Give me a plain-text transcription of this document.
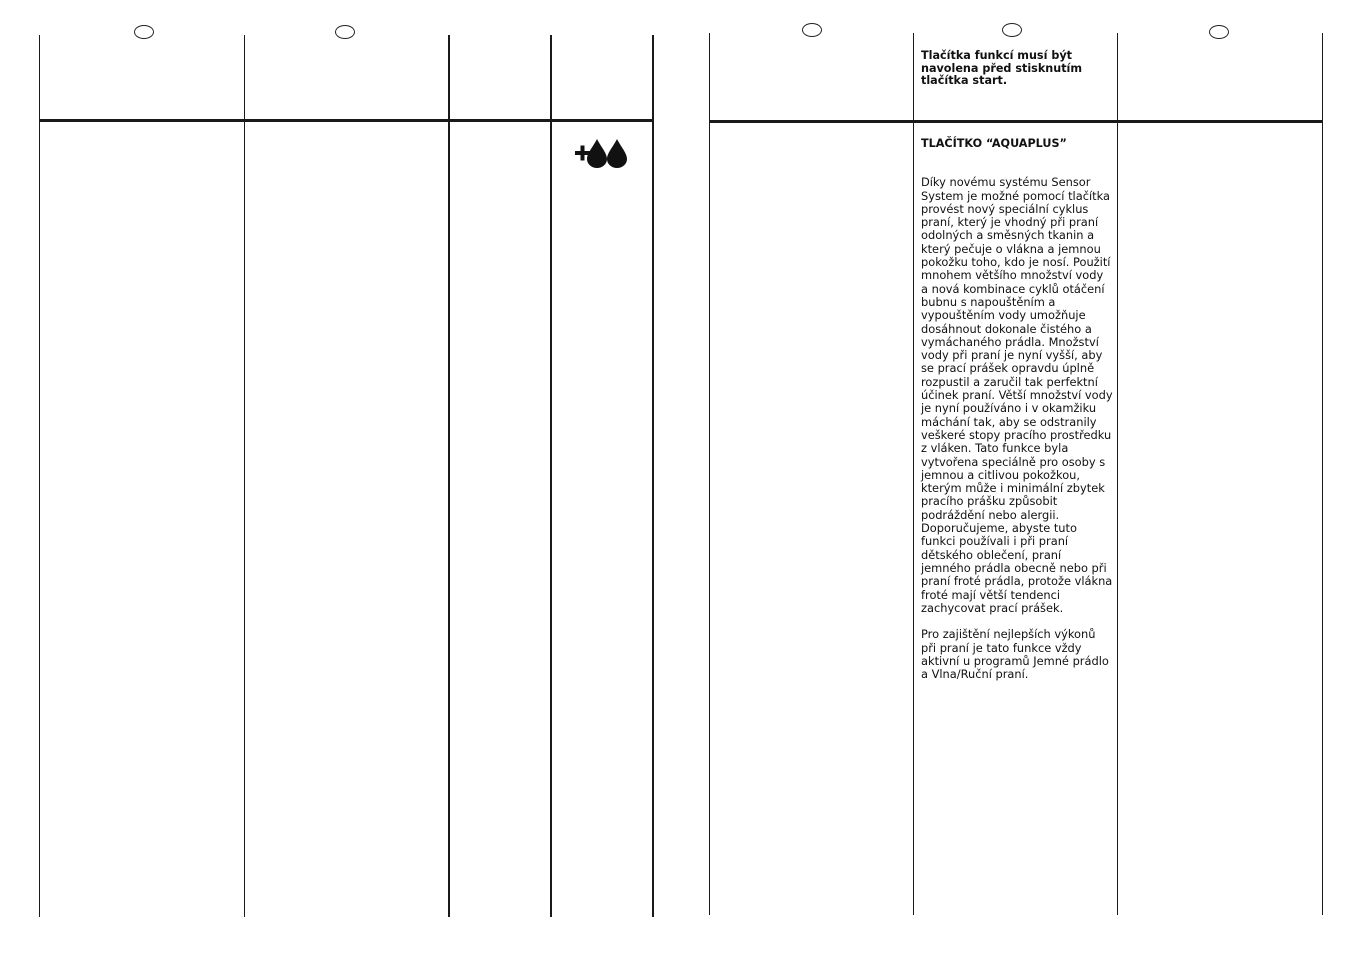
Tlačítka funkcí musí být navolena před stisknutím tlačítka start.

TLAČÍTKO “AQUAPLUS”

Díky novému systému Sensor System je možné pomocí tlačítka provést nový speciální cyklus praní, který je vhodný při praní odolných a směsných tkanin a který pečuje o vlákna a jemnou pokožku toho, kdo je nosí. Použití mnohem většího množství vody a nová kombinace cyklů otáčení bubnu s napouštěním a vypouštěním vody umožňuje dosáhnout dokonale čistého a vymáchaného prádla. Množství vody při praní je nyní vyšší, aby se prací prášek opravdu úplně rozpustil a zaručil tak perfektní účinek praní. Větší množství vody je nyní používáno i v okamžiku máchání tak, aby se odstranily veškeré stopy pracího prostředku z vláken. Tato funkce byla vytvořena speciálně pro osoby s jemnou a citlivou pokožkou, kterým může i minimální zbytek pracího prášku způsobit podráždění nebo alergii. Doporučujeme, abyste tuto funkci používali i při praní dětského oblečení, praní jemného prádla obecně nebo při praní froté prádla, protože vlákna froté mají větší tendenci zachycovat prací prášek.

Pro zajištění nejlepších výkonů při praní je tato funkce vždy aktivní u programů Jemné prádlo a Vlna/Ruční praní.
